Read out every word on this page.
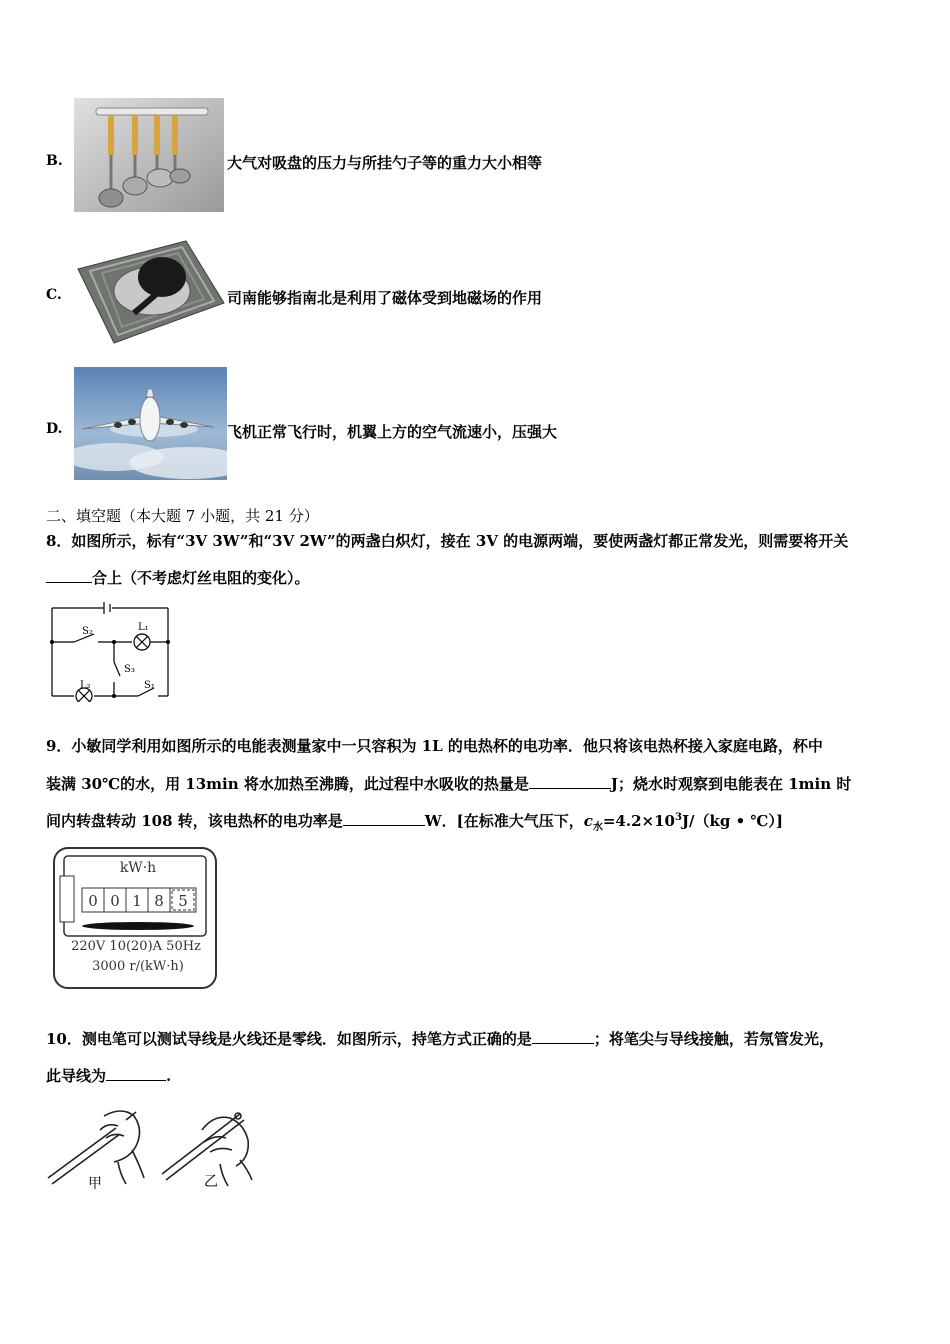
B.	大气对吸盘的压力与所挂勺子等的重力大小相等
C.	司南能够指南北是利用了磁体受到地磁场的作用
D.	飞机正常飞行时，机翼上方的空气流速小，压强大
二、填空题（本大题 7 小题，共 21 分）
8．如图所示，标有“3V 3W”和“3V 2W”的两盏白炽灯，接在 3V 的电源两端，要使两盏灯都正常发光，则需要将开关
合上（不考虑灯丝电阻的变化）。
S₂	L₁
S₃
L₂	S₁
9．小敏同学利用如图所示的电能表测量家中一只容积为 1L 的电热杯的电功率．他只将该电热杯接入家庭电路，杯中
装满 30℃的水，用 13min 将水加热至沸腾，此过程中水吸收的热量是	J；烧水时观察到电能表在 1min 时
间内转盘转动 108 转，该电热杯的电功率是	W．[在标准大气压下，$c_水=4.2\times 10^3J/(kg$ • ℃）]
kW·h
0 0 1 8 5
220V 10(20)A 50Hz
3000 r/(kW·h)
10．测电笔可以测试导线是火线还是零线．如图所示，持笔方式正确的是	；将笔尖与导线接触，若氖管发光，
此导线为	.
甲	乙
